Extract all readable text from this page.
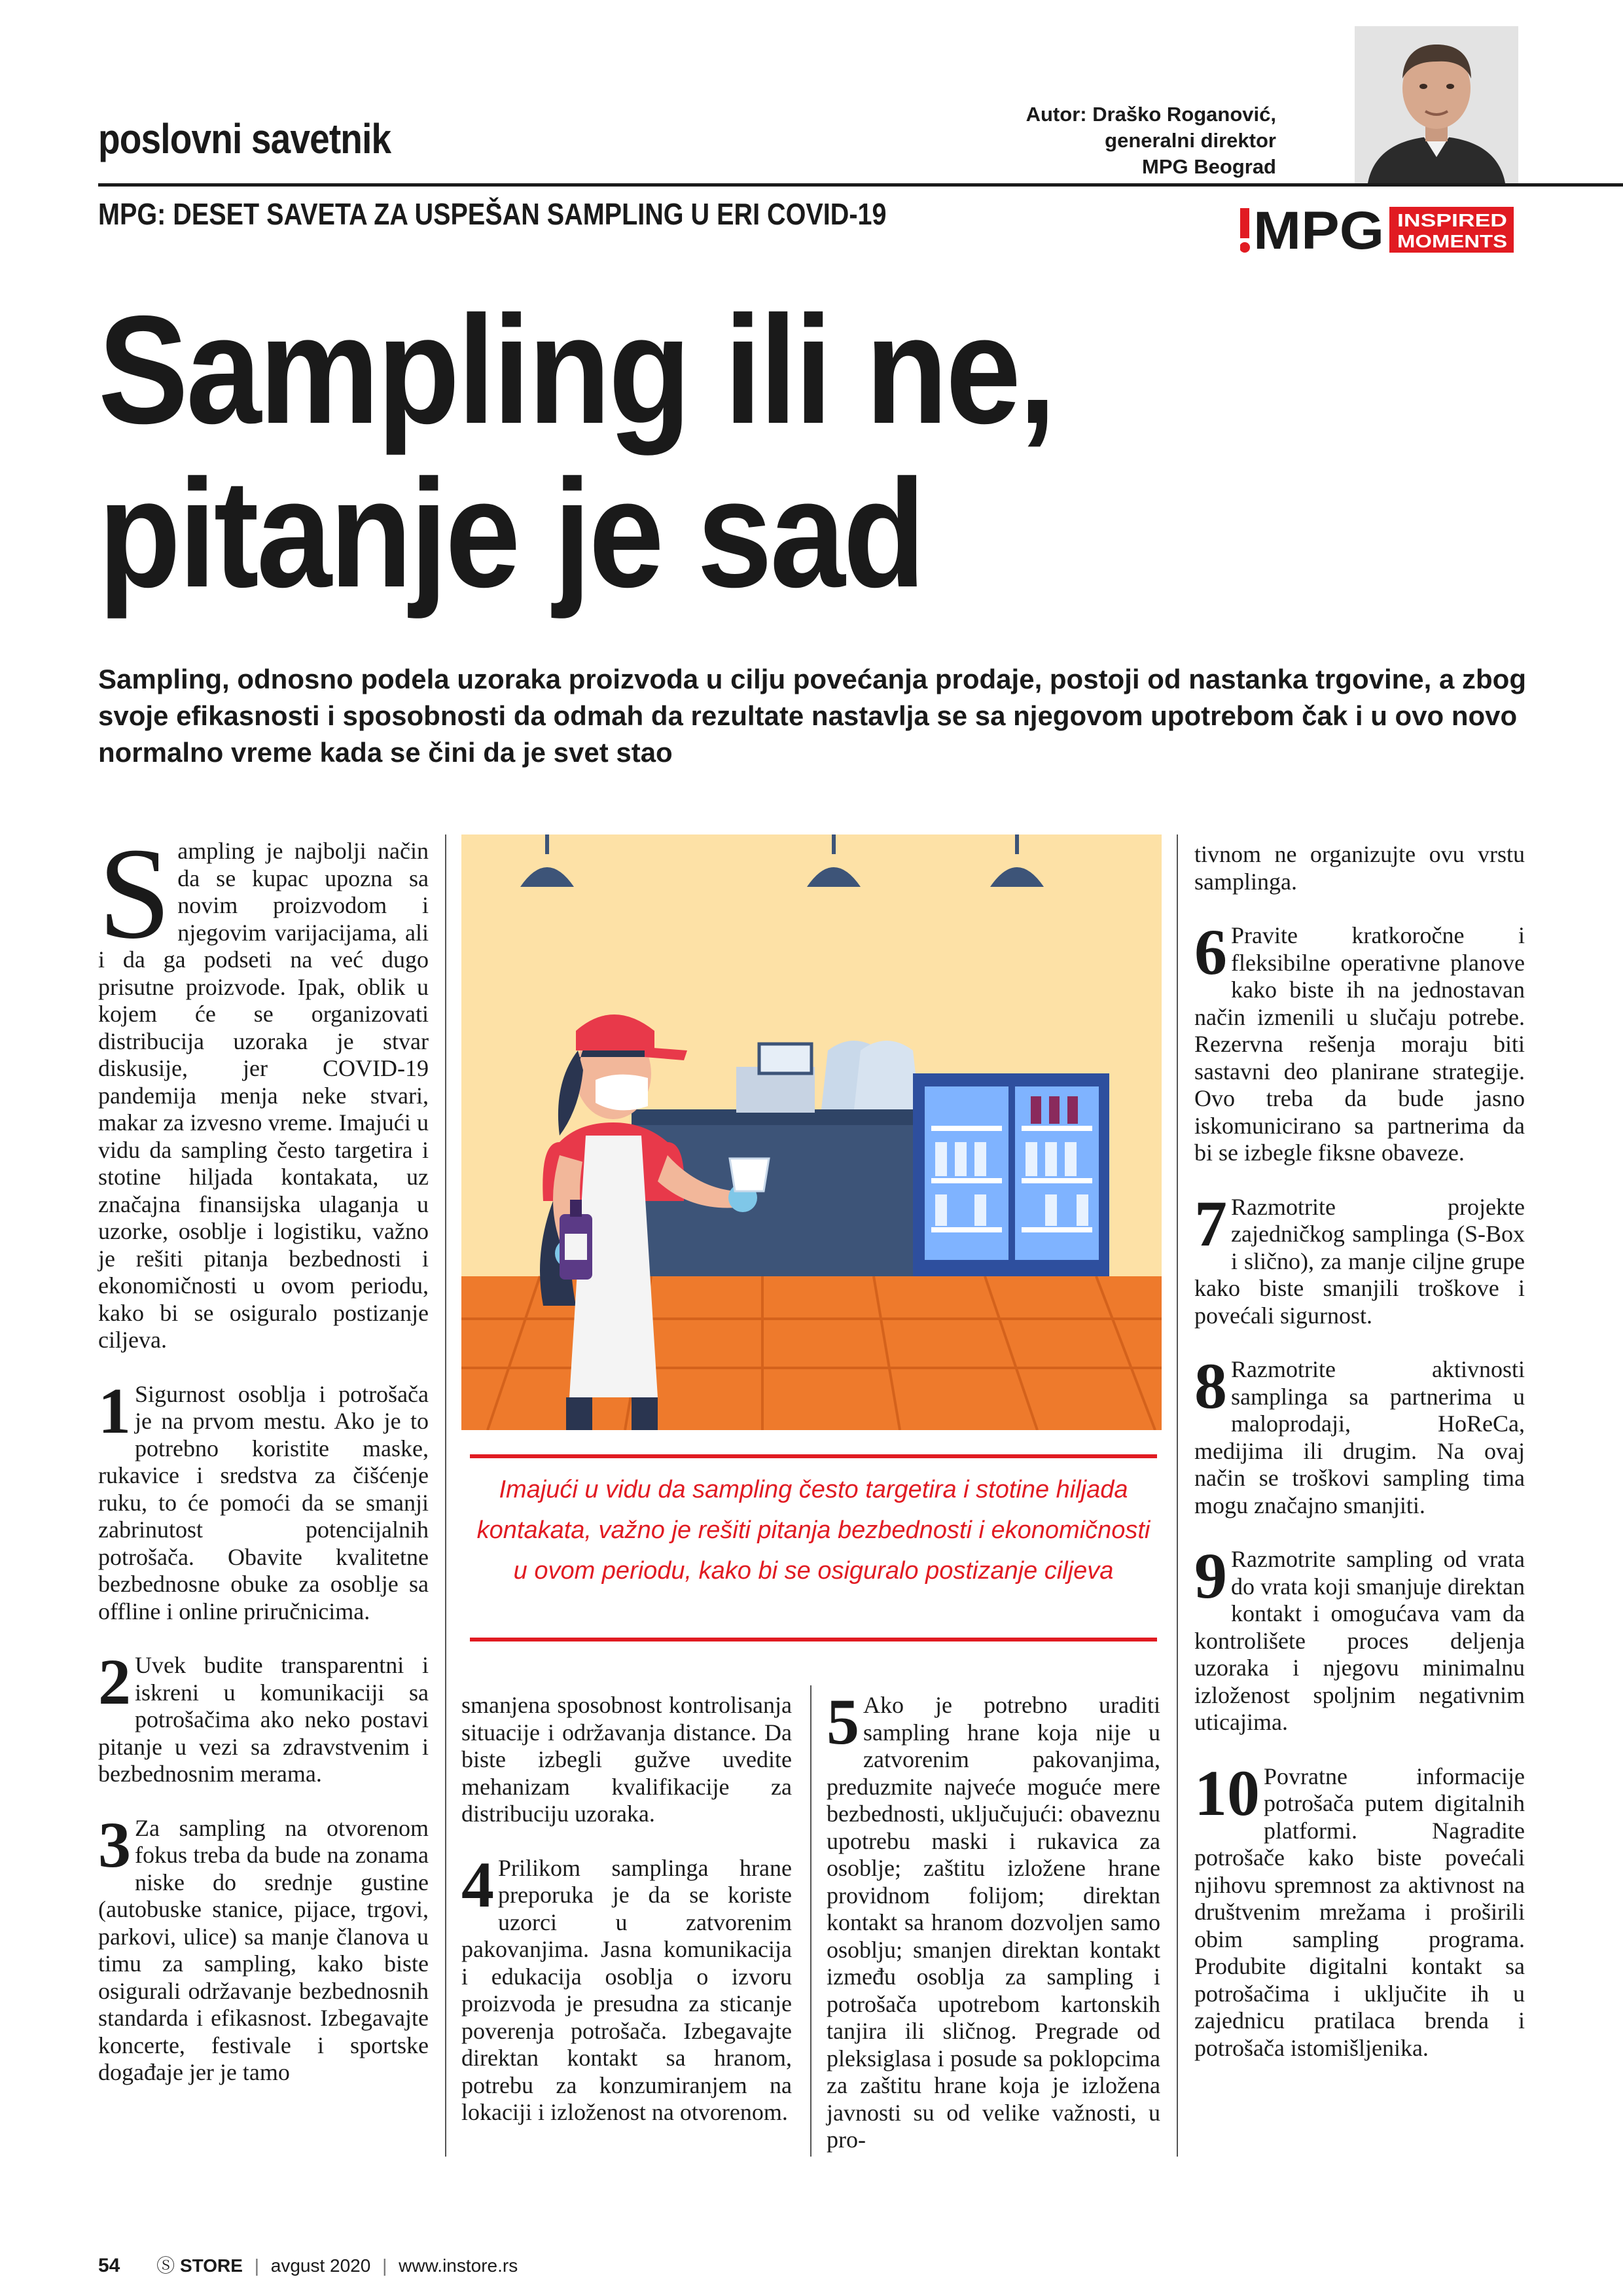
poslovni savetnik
Autor: Draško Roganović,
generalni direktor
MPG Beograd
MPG: DESET SAVETA ZA USPEŠAN SAMPLING U ERI COVID-19	MPG INSPIRED
MOMENTS
Sampling ili ne,
pitanje je sad
Sampling, odnosno podela uzoraka proizvoda u cilju povećanja prodaje, postoji od nastanka trgovine, a zbog svoje efikasnosti i sposobnosti da odmah da rezultate nastavlja se sa njegovom upotrebom čak i u ovo novo normalno vreme kada se čini da je svet stao

Sampling je najbolji način da se kupac upozna sa novim proizvodom i njegovim varijacijama, ali i da ga podseti na već dugo prisutne proizvode. Ipak, oblik u kojem će se organizovati distribucija uzoraka je stvar diskusije, jer COVID-19 pandemija menja neke stvari, makar za izvesno vreme. Imajući u vidu da sampling često targetira i stotine hiljada kontakata, uz značajna finansijska ulaganja u uzorke, osoblje i logistiku, važno je rešiti pitanja bezbednosti i ekonomičnosti u ovom periodu, kako bi se osiguralo postizanje ciljeva.

1 Sigurnost osoblja i potrošača je na prvom mestu. Ako je to potrebno koristite maske, rukavice i sredstva za čišćenje ruku, to će pomoći da se smanji zabrinutost potencijalnih potrošača. Obavite kvalitetne bezbednosne obuke za osoblje sa offline i online priručnicima.

2 Uvek budite transparentni i iskreni u komunikaciji sa potrošačima ako neko postavi pitanje u vezi sa zdravstvenim i bezbednosnim merama.

3 Za sampling na otvorenom fokus treba da bude na zonama niske do srednje gustine (autobuske stanice, pijace, trgovi, parkovi, ulice) sa manje članova u timu za sampling, kako biste osigurali održavanje bezbednosnih standarda i efikasnost. Izbegavajte koncerte, festivale i sportske događaje jer je tamo

Imajući u vidu da sampling često targetira i stotine hiljada kontakata, važno je rešiti pitanja bezbednosti i ekonomičnosti u ovom periodu, kako bi se osiguralo postizanje ciljeva

smanjena sposobnost kontrolisanja situacije i održavanja distance. Da biste izbegli gužve uvedite mehanizam kvalifikacije za distribuciju uzoraka.

4 Prilikom samplinga hrane preporuka je da se koriste uzorci u zatvorenim pakovanjima. Jasna komunikacija i edukacija osoblja o izvoru proizvoda je presudna za sticanje poverenja potrošača. Izbegavajte direktan kontakt sa hranom, potrebu za konzumiranjem na lokaciji i izloženost na otvorenom.

5 Ako je potrebno uraditi sampling hrane koja nije u zatvorenim pakovanjima, preduzmite najveće moguće mere bezbednosti, uključujući: obaveznu upotrebu maski i rukavica za osoblje; zaštitu izložene hrane providnom folijom; direktan kontakt sa hranom dozvoljen samo osoblju; smanjen direktan kontakt između osoblja za sampling i potrošača upotrebom kartonskih tanjira ili sličnog. Pregrade od pleksiglasa i posude sa poklopcima za zaštitu hrane koja je izložena javnosti su od velike važnosti, u pro-

tivnom ne organizujte ovu vrstu samplinga.

6 Pravite kratkoročne i fleksibilne operativne planove kako biste ih na jednostavan način izmenili u slučaju potrebe. Rezervna rešenja moraju biti sastavni deo planirane strategije. Ovo treba da bude jasno iskomunicirano sa partnerima da bi se izbegle fiksne obaveze.

7 Razmotrite projekte zajedničkog samplinga (S-Box i slično), za manje ciljne grupe kako biste smanjili troškove i povećali sigurnost.

8 Razmotrite aktivnosti samplinga sa partnerima u maloprodaji, HoReCa, medijima ili drugim. Na ovaj način se troškovi sampling tima mogu značajno smanjiti.

9 Razmotrite sampling od vrata do vrata koji smanjuje direktan kontakt i omogućava vam da kontrolišete proces deljenja uzoraka i njegovu minimalnu izloženost spoljnim negativnim uticajima.

10 Povratne informacije potrošača putem digitalnih platformi. Nagradite potrošače kako biste povećali njihovu spremnost za aktivnost na društvenim mrežama i proširili obim sampling programa. Produbite digitalni kontakt sa potrošačima i uključite ih u zajednicu pratilaca brenda i potrošača istomišljenika.

54 Ⓢ STORE | avgust 2020 | www.instore.rs
